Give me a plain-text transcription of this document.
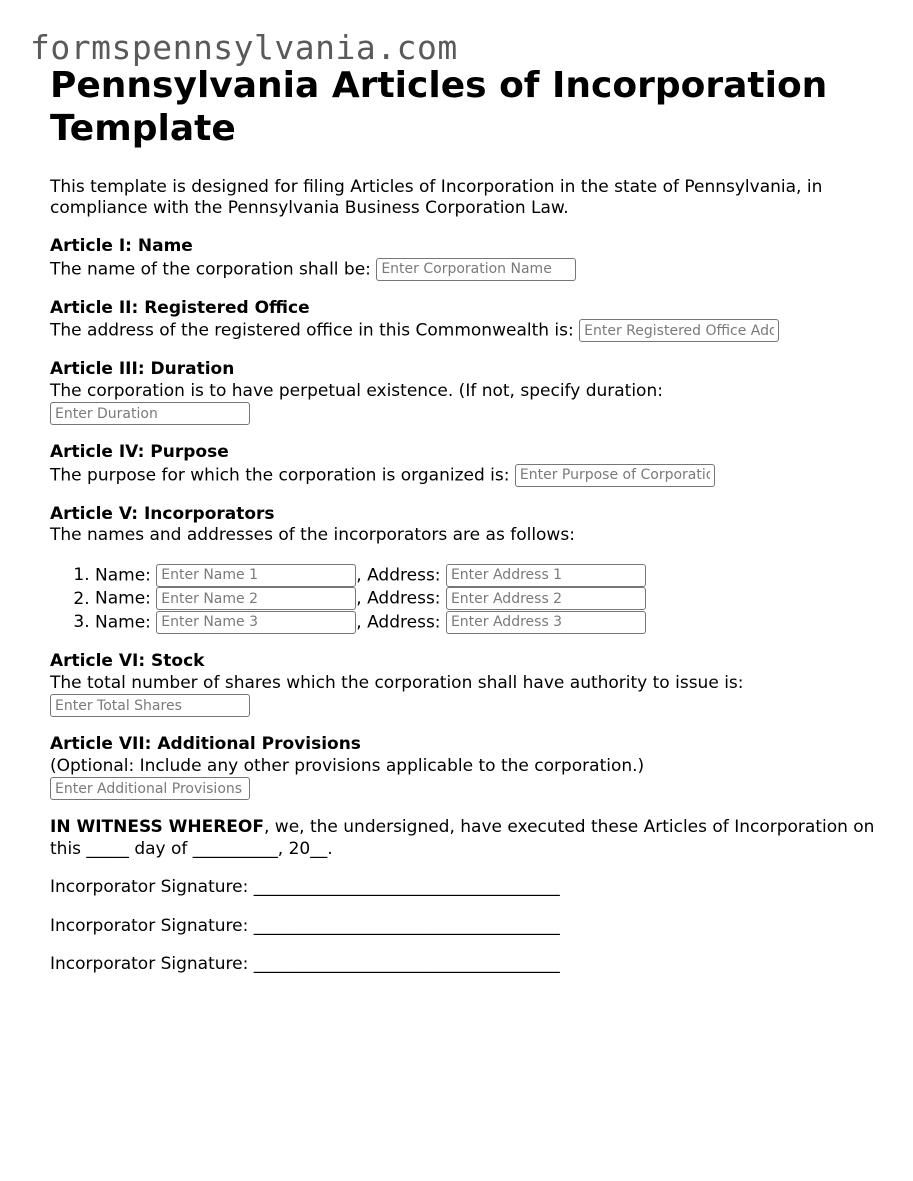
formspennsylvania.com
Pennsylvania Articles of Incorporation Template
This template is designed for filing Articles of Incorporation in the state of Pennsylvania, in compliance with the Pennsylvania Business Corporation Law.
Article I: Name
The name of the corporation shall be: Enter Corporation Name
Article II: Registered Office
The address of the registered office in this Commonwealth is: Enter Registered Office Address
Article III: Duration
The corporation is to have perpetual existence. (If not, specify duration:
Enter Duration
Article IV: Purpose
The purpose for which the corporation is organized is: Enter Purpose of Corporation
Article V: Incorporators
The names and addresses of the incorporators are as follows:
1. Name: Enter Name 1	, Address: Enter Address 1
2. Name: Enter Name 2	, Address: Enter Address 2
3. Name: Enter Name 3	, Address: Enter Address 3
Article VI: Stock
The total number of shares which the corporation shall have authority to issue is:
Enter Total Shares
Article VII: Additional Provisions
(Optional: Include any other provisions applicable to the corporation.)
Enter Additional Provisions
IN WITNESS WHEREOF, we, the undersigned, have executed these Articles of Incorporation on this _____ day of __________, 20__.
Incorporator Signature: ____________________________________
Incorporator Signature: ____________________________________
Incorporator Signature: ____________________________________
